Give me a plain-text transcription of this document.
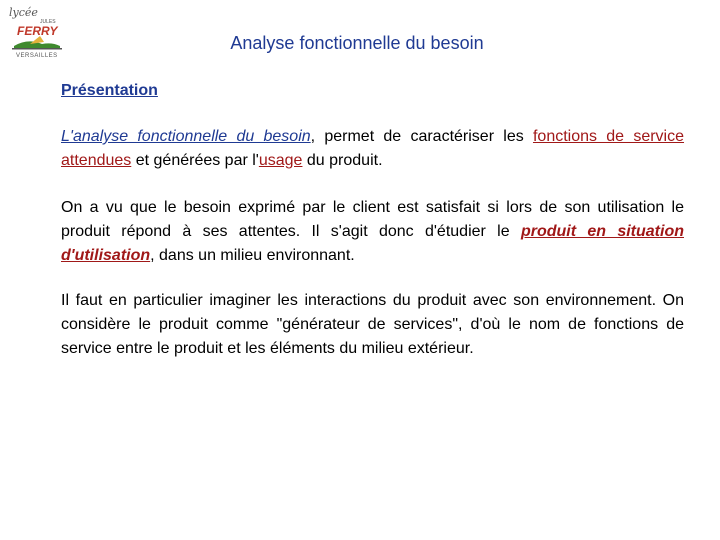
lycée
JULES
FERRY
VERSAILLES
Analyse fonctionnelle du besoin
Présentation

L'analyse fonctionnelle du besoin, permet de caractériser les fonctions de service attendues et générées par l'usage du produit.

On a vu que le besoin exprimé par le client est satisfait si lors de son utilisation le produit répond à ses attentes. Il s'agit donc d'étudier le produit en situation d'utilisation, dans un milieu environnant.

Il faut en particulier imaginer les interactions du produit avec son environnement. On considère le produit comme "générateur de services", d'où le nom de fonctions de service entre le produit et les éléments du milieu extérieur.
